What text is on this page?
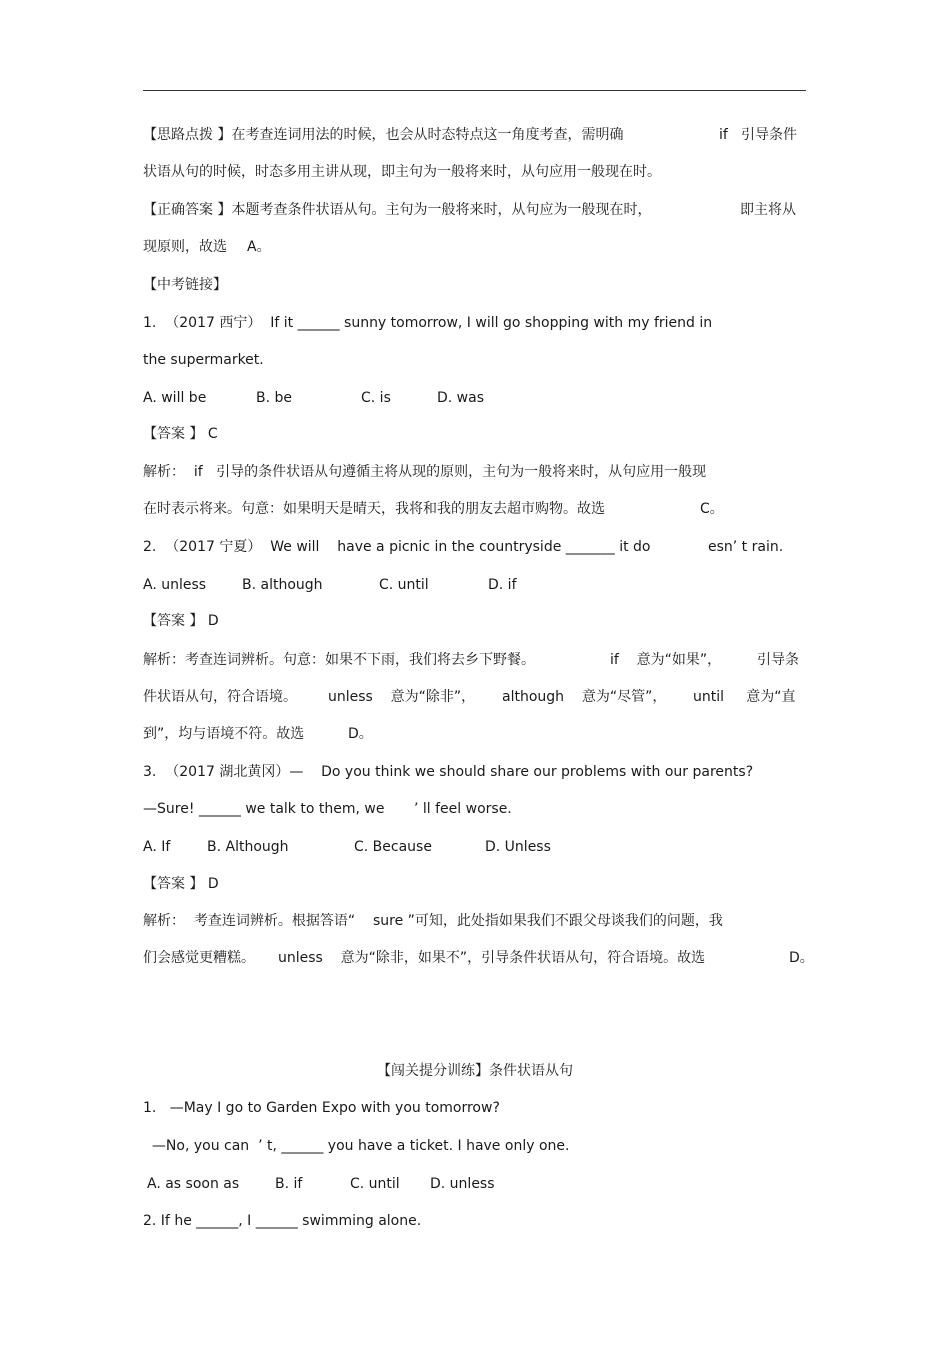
【思路点拨 】在考查连词用法的时候，也会从时态特点这一角度考查，需明确	if 引导条件
状语从句的时候，时态多用主讲从现，即主句为一般将来时，从句应用一般现在时。
【正确答案 】本题考查条件状语从句。主句为一般将来时，从句应为一般现在时，	即主将从
现原则，故选 A。
【中考链接】
1.  （2017 西宁）  If it ______ sunny tomorrow, I will go shopping with my friend in
the supermarket.
A. will be	B. be	C. is	D. was
【答案 】 C
解析：  if   引导的条件状语从句遵循主将从现的原则，主句为一般将来时，从句应用一般现
在时表示将来。句意：如果明天是晴天，我将和我的朋友去超市购物。故选	C。
2.  （2017 宁夏）  We will    have a picnic in the countryside _______ it do	esn’ t rain.
A. unless	B. although	C. until	D. if
【答案 】 D
解析：考查连词辨析。句意：如果不下雨，我们将去乡下野餐。	if    意为“如果”，	引导条
件状语从句，符合语境。 unless    意为“除非”， although    意为“尽管”， until     意为“直
到”，均与语境不符。故选	D。
3.  （2017 湖北黄冈）—    Do you think we should share our problems with our parents?
—Sure! ______ we talk to them, we ’ ll feel worse.
A. If	B. Although	C. Because	D. Unless
【答案 】 D
解析：  考查连词辨析。根据答语“    sure ”可知，此处指如果我们不跟父母谈我们的问题，我
们会感觉更糟糕。 unless    意为“除非，如果不”，引导条件状语从句，符合语境。故选	D。
【闯关提分训练】条件状语从句
1.   —May I go to Garden Expo with you tomorrow?
—No, you can  ’ t, ______ you have a ticket. I have only one.
A. as soon as	B. if	C. until D. unless
2. If he ______, I ______ swimming alone.
